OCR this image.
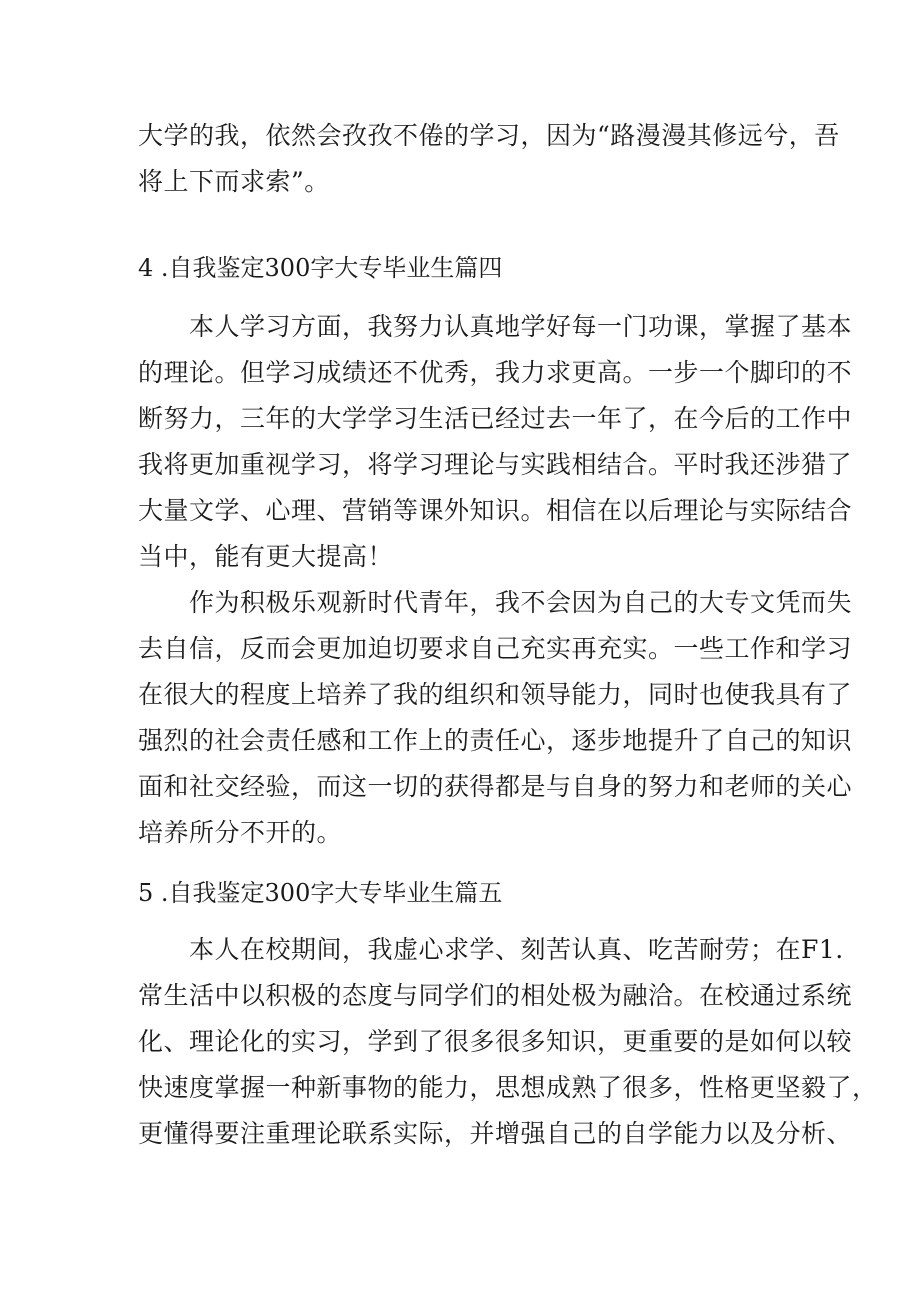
大学的我，依然会孜孜不倦的学习，因为“路漫漫其修远兮，吾
将上下而求索”。
4 .自我鉴定300字大专毕业生篇四
　　本人学习方面，我努力认真地学好每一门功课，掌握了基本
的理论。但学习成绩还不优秀，我力求更高。一步一个脚印的不
断努力，三年的大学学习生活已经过去一年了，在今后的工作中
我将更加重视学习，将学习理论与实践相结合。平时我还涉猎了
大量文学、心理、营销等课外知识。相信在以后理论与实际结合
当中，能有更大提高！
　　作为积极乐观新时代青年，我不会因为自己的大专文凭而失
去自信，反而会更加迫切要求自己充实再充实。一些工作和学习
在很大的程度上培养了我的组织和领导能力，同时也使我具有了
强烈的社会责任感和工作上的责任心，逐步地提升了自己的知识
面和社交经验，而这一切的获得都是与自身的努力和老师的关心
培养所分不开的。
5 .自我鉴定300字大专毕业生篇五
　　本人在校期间，我虚心求学、刻苦认真、吃苦耐劳；在F1.
常生活中以积极的态度与同学们的相处极为融洽。在校通过系统
化、理论化的实习，学到了很多很多知识，更重要的是如何以较
快速度掌握一种新事物的能力，思想成熟了很多，性格更坚毅了，
更懂得要注重理论联系实际，并增强自己的自学能力以及分析、
